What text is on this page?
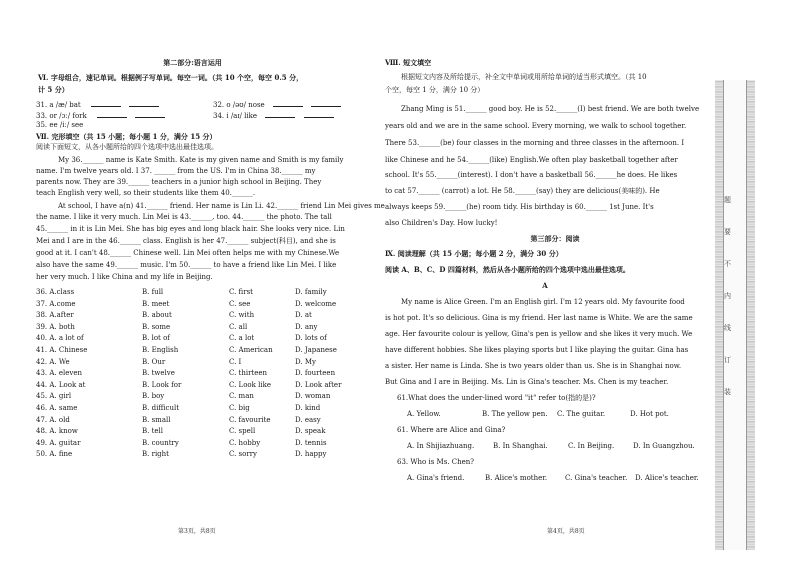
第二部分:语言运用
Ⅵ. 字母组合，速记单词。根据例子写单词。每空一词。（共 10 个空，每空 0.5 分，
计 5 分）
31. a /æ/ bat	32. o /əʊ/ nose
33. or /ɔː/ fork	34. i /aɪ/ like
35. ee /iː/ see
Ⅶ. 完形填空（共 15 小题；每小题 1 分，满分 15 分）
阅读下面短文，从各小题所给的四个选项中选出最佳选项。
My 36.______ name is Kate Smith. Kate is my given name and Smith is my family
name. I'm twelve years old. I 37. ______ from the US. I'm in China 38.______ my
parents now. They are 39.______ teachers in a junior high school in Beijing. They
teach English very well, so their students like them 40.______.
At school, I have a(n) 41.______ friend. Her name is Lin Li. 42.______ friend Lin Mei gives me
the name. I like it very much. Lin Mei is 43.______, too. 44.______ the photo. The tall
45.______ in it is Lin Mei. She has big eyes and long black hair. She looks very nice. Lin
Mei and I are in the 46.______ class. English is her 47.______ subject(科目), and she is
good at it. I can't 48.______ Chinese well. Lin Mei often helps me with my Chinese.We
also have the same 49.______ music. I'm 50.______ to have a friend like Lin Mei. I like
her very much. I like China and my life in Beijing.
36. A.class	B. full	C. first	D. family
37. A.come	B. meet	C. see	D. welcome
38. A.after	B. about	C. with	D. at
39. A. both	B. some	C. all	D. any
40. A. a lot of	B. lot of	C. a lot	D. lots of
41. A. Chinese	B. English	C. American	D. Japanese
42. A. We	B. Our	C. I	D. My
43. A. eleven	B. twelve	C. thirteen	D. fourteen
44. A. Look at	B. Look for	C. Look like	D. Look after
45. A. girl	B. boy	C. man	D. woman
46. A. same	B. difficult	C. big	D. kind
47. A. old	B. small	C. favourite	D. easy
48. A. know	B. tell	C. spell	D. speak
49. A. guitar	B. country	C. hobby	D. tennis
50. A. fine	B. right	C. sorry	D. happy
第3页，共8页
Ⅷ. 短文填空
根据短文内容及所给提示，补全文中单词或用所给单词的适当形式填空。（共 10
个空，每空 1 分，满分 10 分）
Zhang Ming is 51.______ good boy. He is 52.______(I) best friend. We are both twelve
years old and we are in the same school. Every morning, we walk to school together.
There 53.______(be) four classes in the morning and three classes in the afternoon. I
like Chinese and he 54.______(like) English.We often play basketball together after
school. It's 55.______(interest). I don't have a basketball 56.______he does. He likes
to cat 57.______ (carrot) a lot. He 58.______(say) they are delicious(美味的). He
always keeps 59.______(he) room tidy. His birthday is 60.______ 1st June. It's
also Children's Day. How lucky!
第三部分：阅读
Ⅸ. 阅读理解（共 15 小题；每小题 2 分，满分 30 分）
阅读 A、B、C、D 四篇材料，然后从各小题所给的四个选项中选出最佳选项。
A
My name is Alice Green. I'm an English girl. I'm 12 years old. My favourite food
is hot pot. It's so delicious. Gina is my friend. Her last name is White. We are the same
age. Her favourite colour is yellow, Gina's pen is yellow and she likes it very much. We
have different hobbies. She likes playing sports but I like playing the guitar. Gina has
a sister. Her name is Linda. She is two years older than us. She is in Shanghai now.
But Gina and I are in Beijing. Ms. Lin is Gina's teacher. Ms. Chen is my teacher.
61.What does the under-lined word "it" refer to(指的是)?
A. Yellow.	B. The yellow pen. C. The guitar.	D. Hot pot.
61. Where are Alice and Gina?
A. In Shijiazhuang.	B. In Shanghai.	C. In Beijing.	D. In Guangzhou.
63. Who is Ms. Chen?
A. Gina's friend.	B. Alice's mother.	C. Gina's teacher. D. Alice's teacher.
第4页，共8页
题
要
不
内
线
订
装
